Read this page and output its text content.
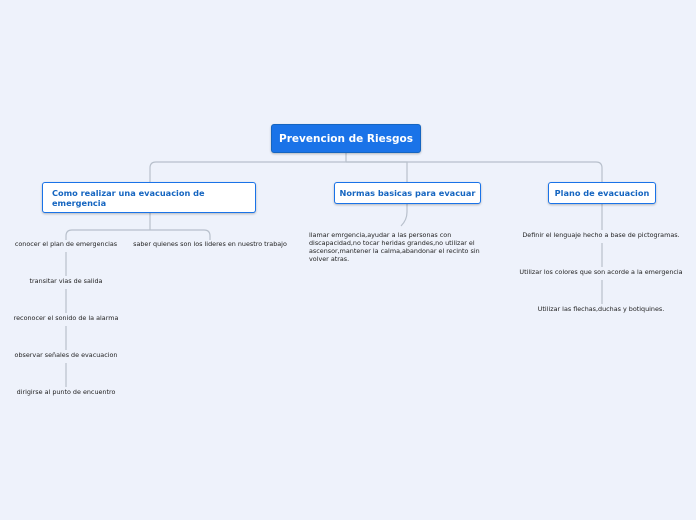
Prevencion de Riesgos
Como realizar una evacuacion de emergencia
Normas basicas para evacuar	Plano de evacuacion
conocer el plan de emergencias saber quienes son los lideres en nuestro trabajo
transitar vias de salida
reconocer el sonido de la alarma
observar señales de evacuacion
dirigirse al punto de encuentro
llamar emrgencia,ayudar a las personas con discapacidad,no tocar heridas grandes,no utilizar el ascensor,mantener la calma,abandonar el recinto sin volver atras.
Definir el lenguaje hecho a base de pictogramas.
Utilizar los colores que son acorde a la emergencia
Utilizar las flechas,duchas y botiquines.
